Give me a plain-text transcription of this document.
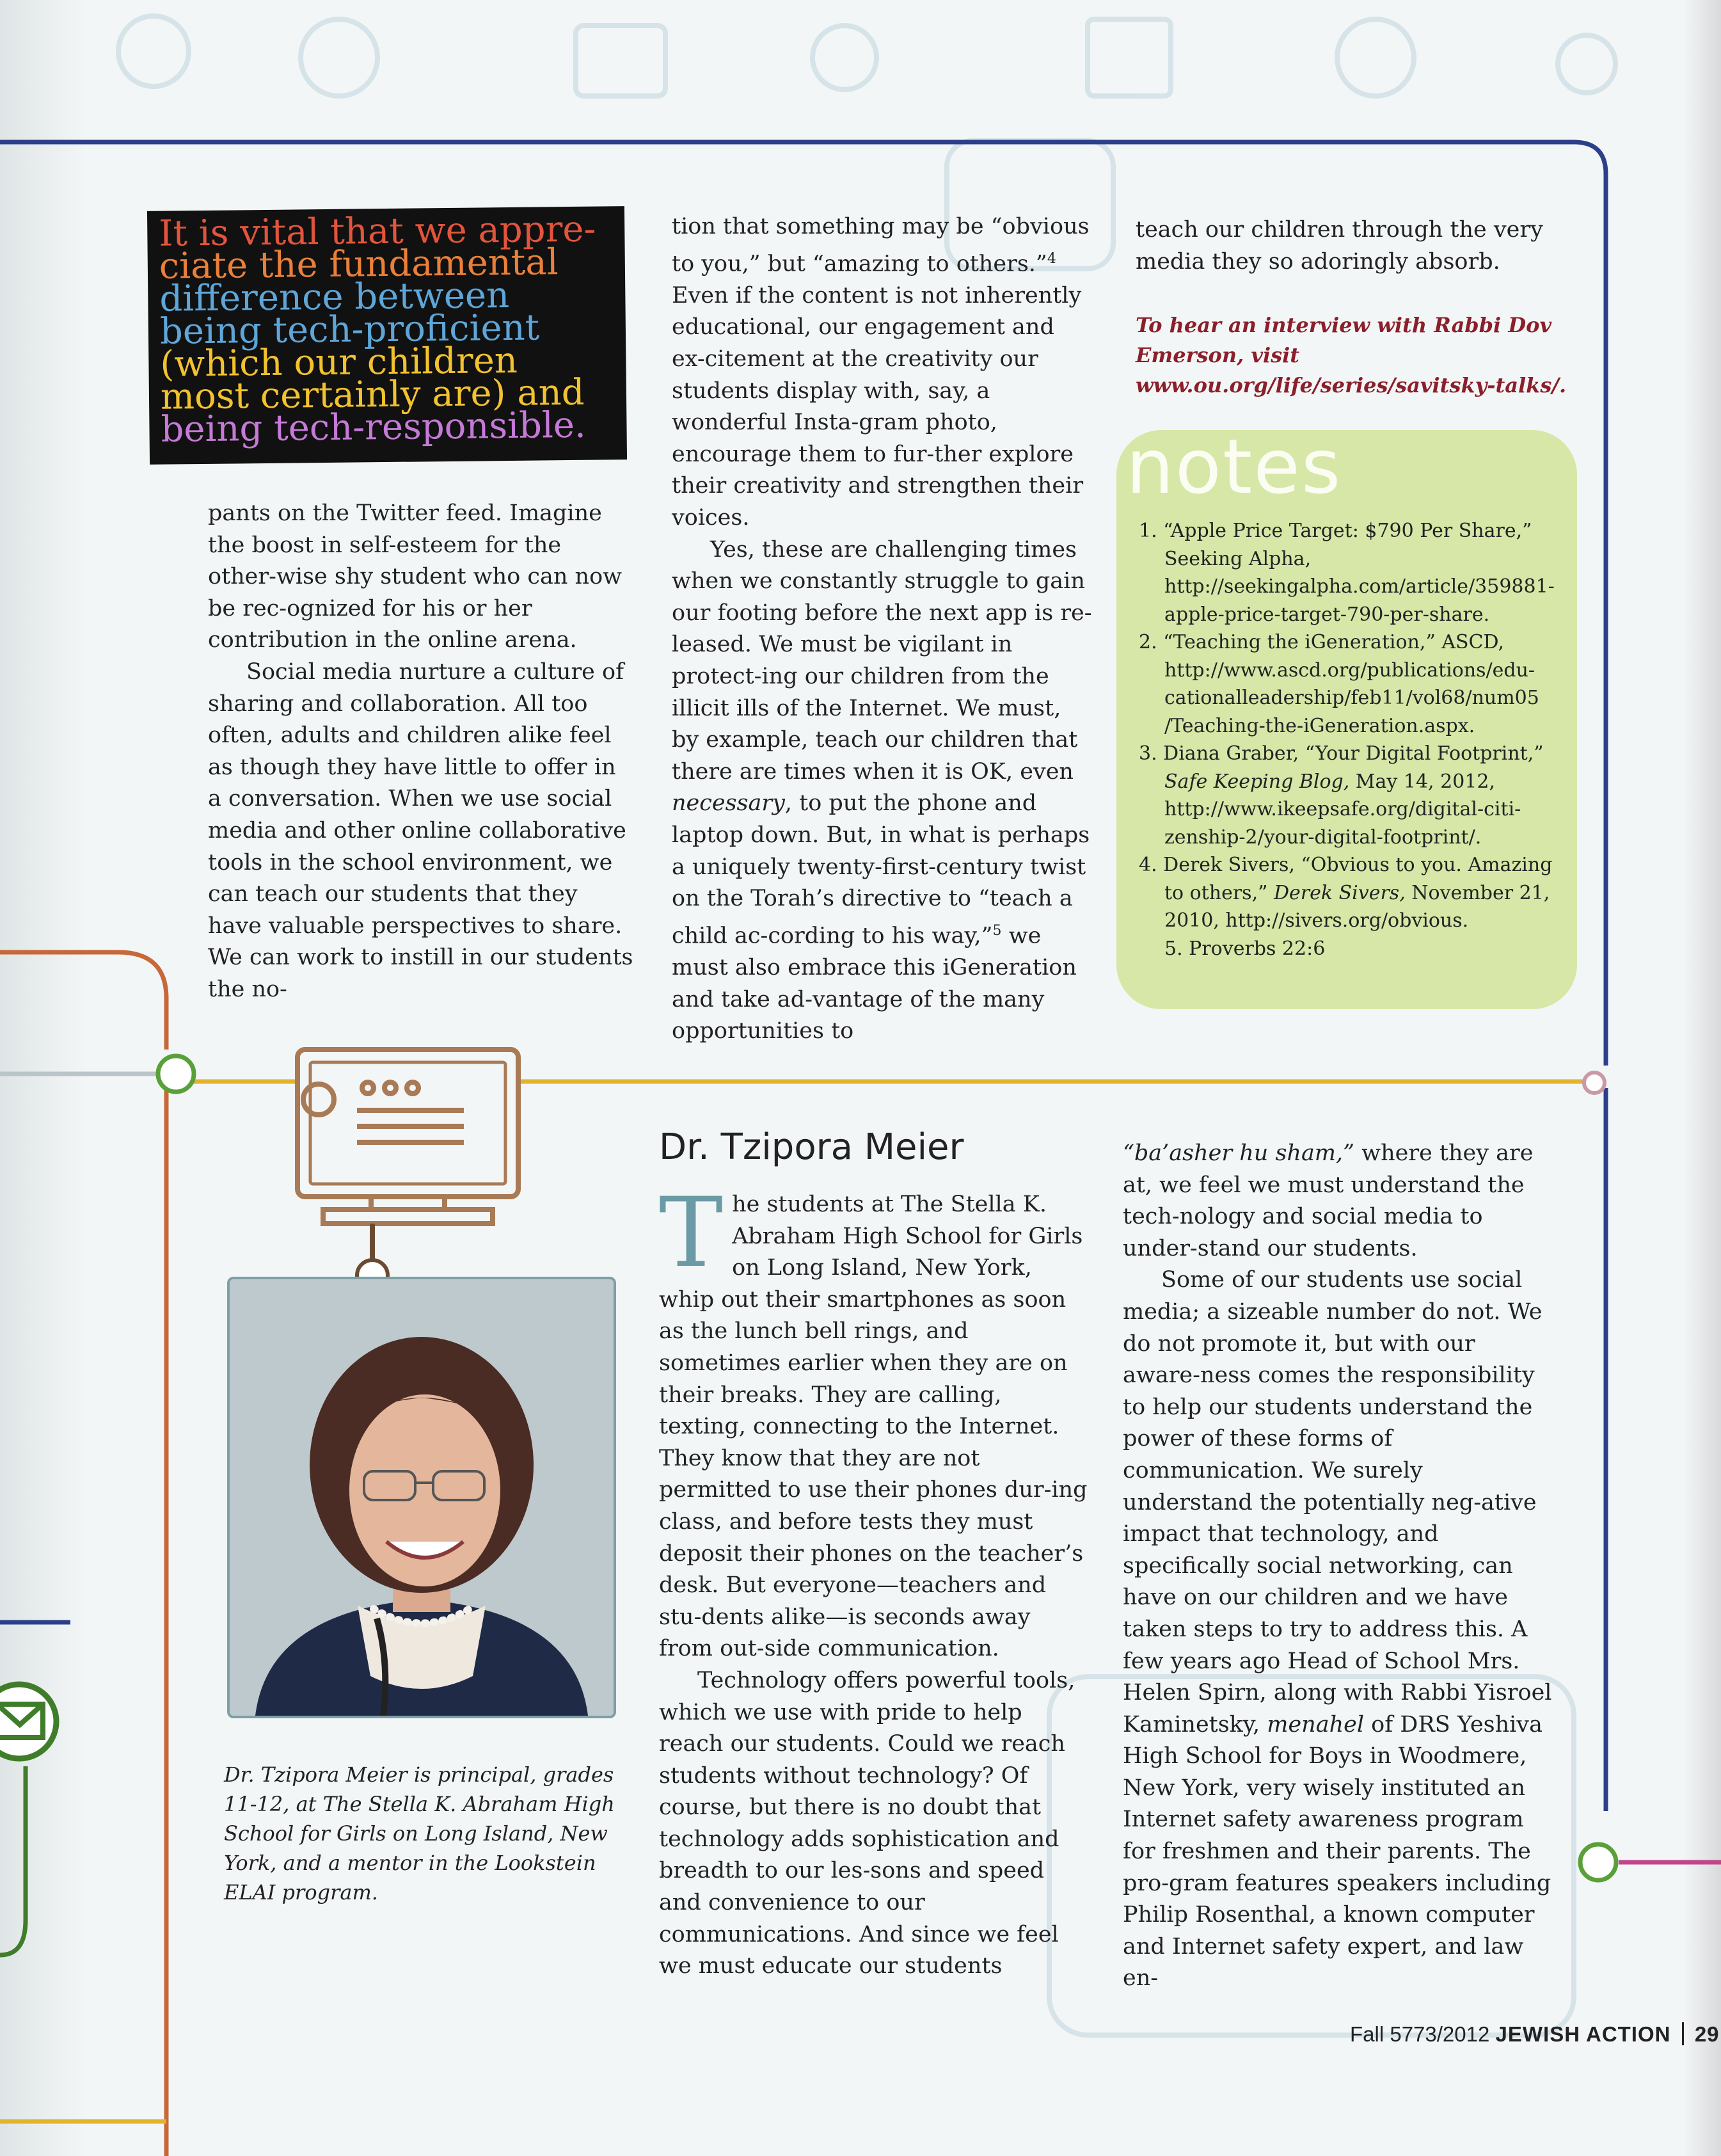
It is vital that we appre-
ciate the fundamental
difference between
being tech-proficient
(which our children
most certainly are) and
being tech-responsible.

pants on the Twitter feed. Imagine the boost in self-esteem for the other-wise shy student who can now be rec-ognized for his or her contribution in the online arena.

Social media nurture a culture of sharing and collaboration. All too often, adults and children alike feel as though they have little to offer in a conversation. When we use social media and other online collaborative tools in the school environment, we can teach our students that they have valuable perspectives to share. We can work to instill in our students the no-

tion that something may be “obvious to you,” but “amazing to others.”$^4$ Even if the content is not inherently educational, our engagement and ex-citement at the creativity our students display with, say, a wonderful Insta-gram photo, encourage them to fur-ther explore their creativity and strengthen their voices.

Yes, these are challenging times when we constantly struggle to gain our footing before the next app is re-leased. We must be vigilant in protect-ing our children from the illicit ills of the Internet. We must, by example, teach our children that there are times when it is OK, even necessary, to put the phone and laptop down. But, in what is perhaps a uniquely twenty-first-century twist on the Torah’s directive to “teach a child ac-cording to his way,”$^5$ we must also embrace this iGeneration and take ad-vantage of the many opportunities to

teach our children through the very media they so adoringly absorb.

To hear an interview with Rabbi Dov Emerson, visit www.ou.org/life/series/savitsky-talks/.
notes
1. “Apple Price Target: $790 Per Share,” Seeking Alpha, http://seekingalpha.com/article/359881-apple-price-target-790-per-share.
2. “Teaching the iGeneration,” ASCD, http://www.ascd.org/publications/edu-cationalleadership/feb11/vol68/num05 /Teaching-the-iGeneration.aspx.
3. Diana Graber, “Your Digital Footprint,” Safe Keeping Blog, May 14, 2012, http://www.ikeepsafe.org/digital-citi-zenship-2/your-digital-footprint/.
4. Derek Sivers, “Obvious to you. Amazing to others,” Derek Sivers, November 21, 2010, http://sivers.org/obvious.
5. Proverbs 22:6
Dr. Tzipora Meier

The students at The Stella K. Abraham High School for Girls on Long Island, New York, whip out their smartphones as soon as the lunch bell rings, and sometimes earlier when they are on their breaks. They are calling, texting, connecting to the Internet. They know that they are not permitted to use their phones dur-ing class, and before tests they must deposit their phones on the teacher’s desk. But everyone—teachers and stu-dents alike—is seconds away from out-side communication.

Technology offers powerful tools, which we use with pride to help reach our students. Could we reach students without technology? Of course, but there is no doubt that technology adds sophistication and breadth to our les-sons and speed and convenience to our communications. And since we feel we must educate our students

“ba’asher hu sham,” where they are at, we feel we must understand the tech-nology and social media to under-stand our students.

Some of our students use social media; a sizeable number do not. We do not promote it, but with our aware-ness comes the responsibility to help our students understand the power of these forms of communication. We surely understand the potentially neg-ative impact that technology, and specifically social networking, can have on our children and we have taken steps to try to address this. A few years ago Head of School Mrs. Helen Spirn, along with Rabbi Yisroel Kaminetsky, menahel of DRS Yeshiva High School for Boys in Woodmere, New York, very wisely instituted an Internet safety awareness program for freshmen and their parents. The pro-gram features speakers including Philip Rosenthal, a known computer and Internet safety expert, and law en-

Dr. Tzipora Meier is principal, grades 11-12, at The Stella K. Abraham High School for Girls on Long Island, New York, and a mentor in the Lookstein ELAI program.
Fall 5773/2012 JEWISH ACTION 29
